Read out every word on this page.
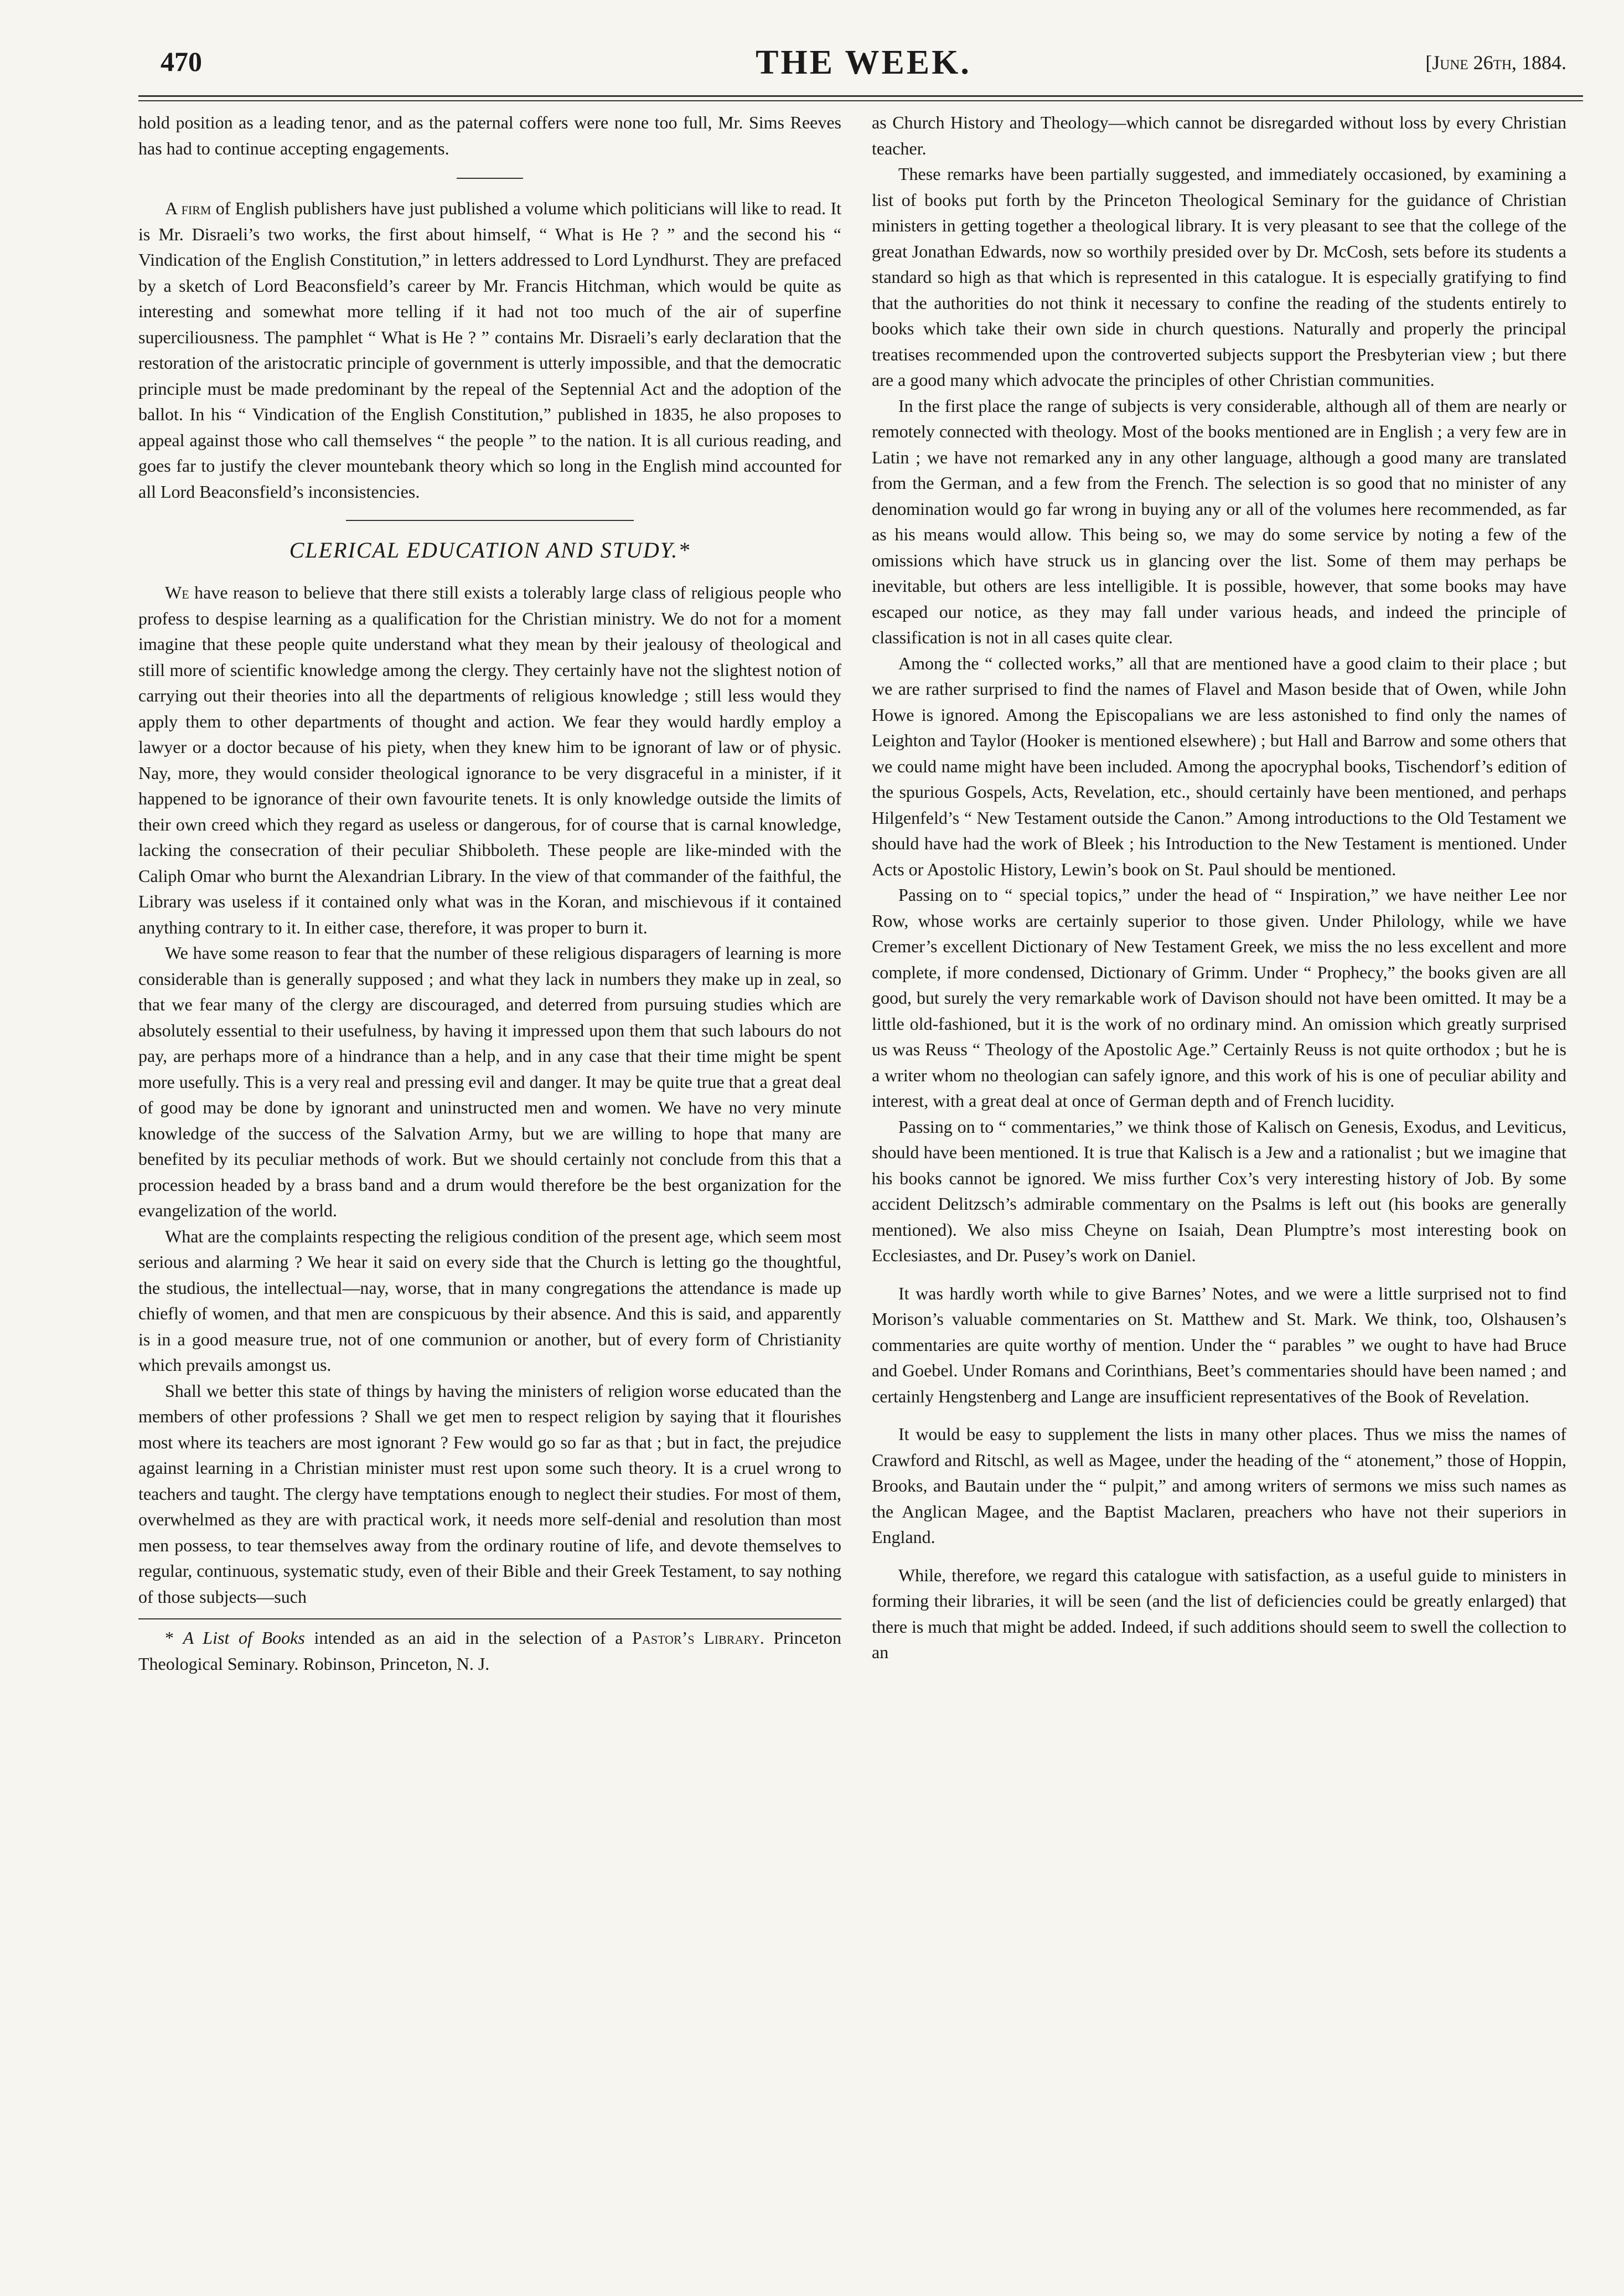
470	THE WEEK.	[June 26th, 1884.

hold position as a leading tenor, and as the paternal coffers were none too full, Mr. Sims Reeves has had to continue accepting engagements.

A firm of English publishers have just published a volume which politicians will like to read. It is Mr. Disraeli’s two works, the first about himself, “ What is He ? ” and the second his “ Vindication of the English Constitution,” in letters addressed to Lord Lyndhurst. They are prefaced by a sketch of Lord Beaconsfield’s career by Mr. Francis Hitchman, which would be quite as interesting and somewhat more telling if it had not too much of the air of superfine superciliousness. The pamphlet “ What is He ? ” contains Mr. Disraeli’s early declaration that the restoration of the aristocratic principle of government is utterly impossible, and that the democratic principle must be made predominant by the repeal of the Septennial Act and the adoption of the ballot. In his “ Vindication of the English Constitution,” published in 1835, he also proposes to appeal against those who call themselves “ the people ” to the nation. It is all curious reading, and goes far to justify the clever mountebank theory which so long in the English mind accounted for all Lord Beaconsfield’s inconsistencies.

CLERICAL EDUCATION AND STUDY.*

We have reason to believe that there still exists a tolerably large class of religious people who profess to despise learning as a qualification for the Christian ministry. We do not for a moment imagine that these people quite understand what they mean by their jealousy of theological and still more of scientific knowledge among the clergy. They certainly have not the slightest notion of carrying out their theories into all the departments of religious knowledge ; still less would they apply them to other departments of thought and action. We fear they would hardly employ a lawyer or a doctor because of his piety, when they knew him to be ignorant of law or of physic. Nay, more, they would consider theological ignorance to be very disgraceful in a minister, if it happened to be ignorance of their own favourite tenets. It is only knowledge outside the limits of their own creed which they regard as useless or dangerous, for of course that is carnal knowledge, lacking the consecration of their peculiar Shibboleth. These people are like-minded with the Caliph Omar who burnt the Alexandrian Library. In the view of that commander of the faithful, the Library was useless if it contained only what was in the Koran, and mischievous if it contained anything contrary to it. In either case, therefore, it was proper to burn it.

We have some reason to fear that the number of these religious disparagers of learning is more considerable than is generally supposed ; and what they lack in numbers they make up in zeal, so that we fear many of the clergy are discouraged, and deterred from pursuing studies which are absolutely essential to their usefulness, by having it impressed upon them that such labours do not pay, are perhaps more of a hindrance than a help, and in any case that their time might be spent more usefully. This is a very real and pressing evil and danger. It may be quite true that a great deal of good may be done by ignorant and uninstructed men and women. We have no very minute knowledge of the success of the Salvation Army, but we are willing to hope that many are benefited by its peculiar methods of work. But we should certainly not conclude from this that a procession headed by a brass band and a drum would therefore be the best organization for the evangelization of the world.

What are the complaints respecting the religious condition of the present age, which seem most serious and alarming ? We hear it said on every side that the Church is letting go the thoughtful, the studious, the intellectual—nay, worse, that in many congregations the attendance is made up chiefly of women, and that men are conspicuous by their absence. And this is said, and apparently is in a good measure true, not of one communion or another, but of every form of Christianity which prevails amongst us.

Shall we better this state of things by having the ministers of religion worse educated than the members of other professions ? Shall we get men to respect religion by saying that it flourishes most where its teachers are most ignorant ? Few would go so far as that ; but in fact, the prejudice against learning in a Christian minister must rest upon some such theory. It is a cruel wrong to teachers and taught. The clergy have temptations enough to neglect their studies. For most of them, overwhelmed as they are with practical work, it needs more self-denial and resolution than most men possess, to tear themselves away from the ordinary routine of life, and devote themselves to regular, continuous, systematic study, even of their Bible and their Greek Testament, to say nothing of those subjects—such

* A List of Books intended as an aid in the selection of a Pastor’s Library. Princeton Theological Seminary. Robinson, Princeton, N. J.

as Church History and Theology—which cannot be disregarded without loss by every Christian teacher.

These remarks have been partially suggested, and immediately occasioned, by examining a list of books put forth by the Princeton Theological Seminary for the guidance of Christian ministers in getting together a theological library. It is very pleasant to see that the college of the great Jonathan Edwards, now so worthily presided over by Dr. McCosh, sets before its students a standard so high as that which is represented in this catalogue. It is especially gratifying to find that the authorities do not think it necessary to confine the reading of the students entirely to books which take their own side in church questions. Naturally and properly the principal treatises recommended upon the controverted subjects support the Presbyterian view ; but there are a good many which advocate the principles of other Christian communities.

In the first place the range of subjects is very considerable, although all of them are nearly or remotely connected with theology. Most of the books mentioned are in English ; a very few are in Latin ; we have not remarked any in any other language, although a good many are translated from the German, and a few from the French. The selection is so good that no minister of any denomination would go far wrong in buying any or all of the volumes here recommended, as far as his means would allow. This being so, we may do some service by noting a few of the omissions which have struck us in glancing over the list. Some of them may perhaps be inevitable, but others are less intelligible. It is possible, however, that some books may have escaped our notice, as they may fall under various heads, and indeed the principle of classification is not in all cases quite clear.

Among the “ collected works,” all that are mentioned have a good claim to their place ; but we are rather surprised to find the names of Flavel and Mason beside that of Owen, while John Howe is ignored. Among the Episcopalians we are less astonished to find only the names of Leighton and Taylor (Hooker is mentioned elsewhere) ; but Hall and Barrow and some others that we could name might have been included. Among the apocryphal books, Tischendorf’s edition of the spurious Gospels, Acts, Revelation, etc., should certainly have been mentioned, and perhaps Hilgenfeld’s “ New Testament outside the Canon.” Among introductions to the Old Testament we should have had the work of Bleek ; his Introduction to the New Testament is mentioned. Under Acts or Apostolic History, Lewin’s book on St. Paul should be mentioned.

Passing on to “ special topics,” under the head of “ Inspiration,” we have neither Lee nor Row, whose works are certainly superior to those given. Under Philology, while we have Cremer’s excellent Dictionary of New Testament Greek, we miss the no less excellent and more complete, if more condensed, Dictionary of Grimm. Under “ Prophecy,” the books given are all good, but surely the very remarkable work of Davison should not have been omitted. It may be a little old-fashioned, but it is the work of no ordinary mind. An omission which greatly surprised us was Reuss “ Theology of the Apostolic Age.” Certainly Reuss is not quite orthodox ; but he is a writer whom no theologian can safely ignore, and this work of his is one of peculiar ability and interest, with a great deal at once of German depth and of French lucidity.

Passing on to “ commentaries,” we think those of Kalisch on Genesis, Exodus, and Leviticus, should have been mentioned. It is true that Kalisch is a Jew and a rationalist ; but we imagine that his books cannot be ignored. We miss further Cox’s very interesting history of Job. By some accident Delitzsch’s admirable commentary on the Psalms is left out (his books are generally mentioned). We also miss Cheyne on Isaiah, Dean Plumptre’s most interesting book on Ecclesiastes, and Dr. Pusey’s work on Daniel.

It was hardly worth while to give Barnes’ Notes, and we were a little surprised not to find Morison’s valuable commentaries on St. Matthew and St. Mark. We think, too, Olshausen’s commentaries are quite worthy of mention. Under the “ parables ” we ought to have had Bruce and Goebel. Under Romans and Corinthians, Beet’s commentaries should have been named ; and certainly Hengstenberg and Lange are insufficient representatives of the Book of Revelation.

It would be easy to supplement the lists in many other places. Thus we miss the names of Crawford and Ritschl, as well as Magee, under the heading of the “ atonement,” those of Hoppin, Brooks, and Bautain under the “ pulpit,” and among writers of sermons we miss such names as the Anglican Magee, and the Baptist Maclaren, preachers who have not their superiors in England.

While, therefore, we regard this catalogue with satisfaction, as a useful guide to ministers in forming their libraries, it will be seen (and the list of deficiencies could be greatly enlarged) that there is much that might be added. Indeed, if such additions should seem to swell the collection to an
